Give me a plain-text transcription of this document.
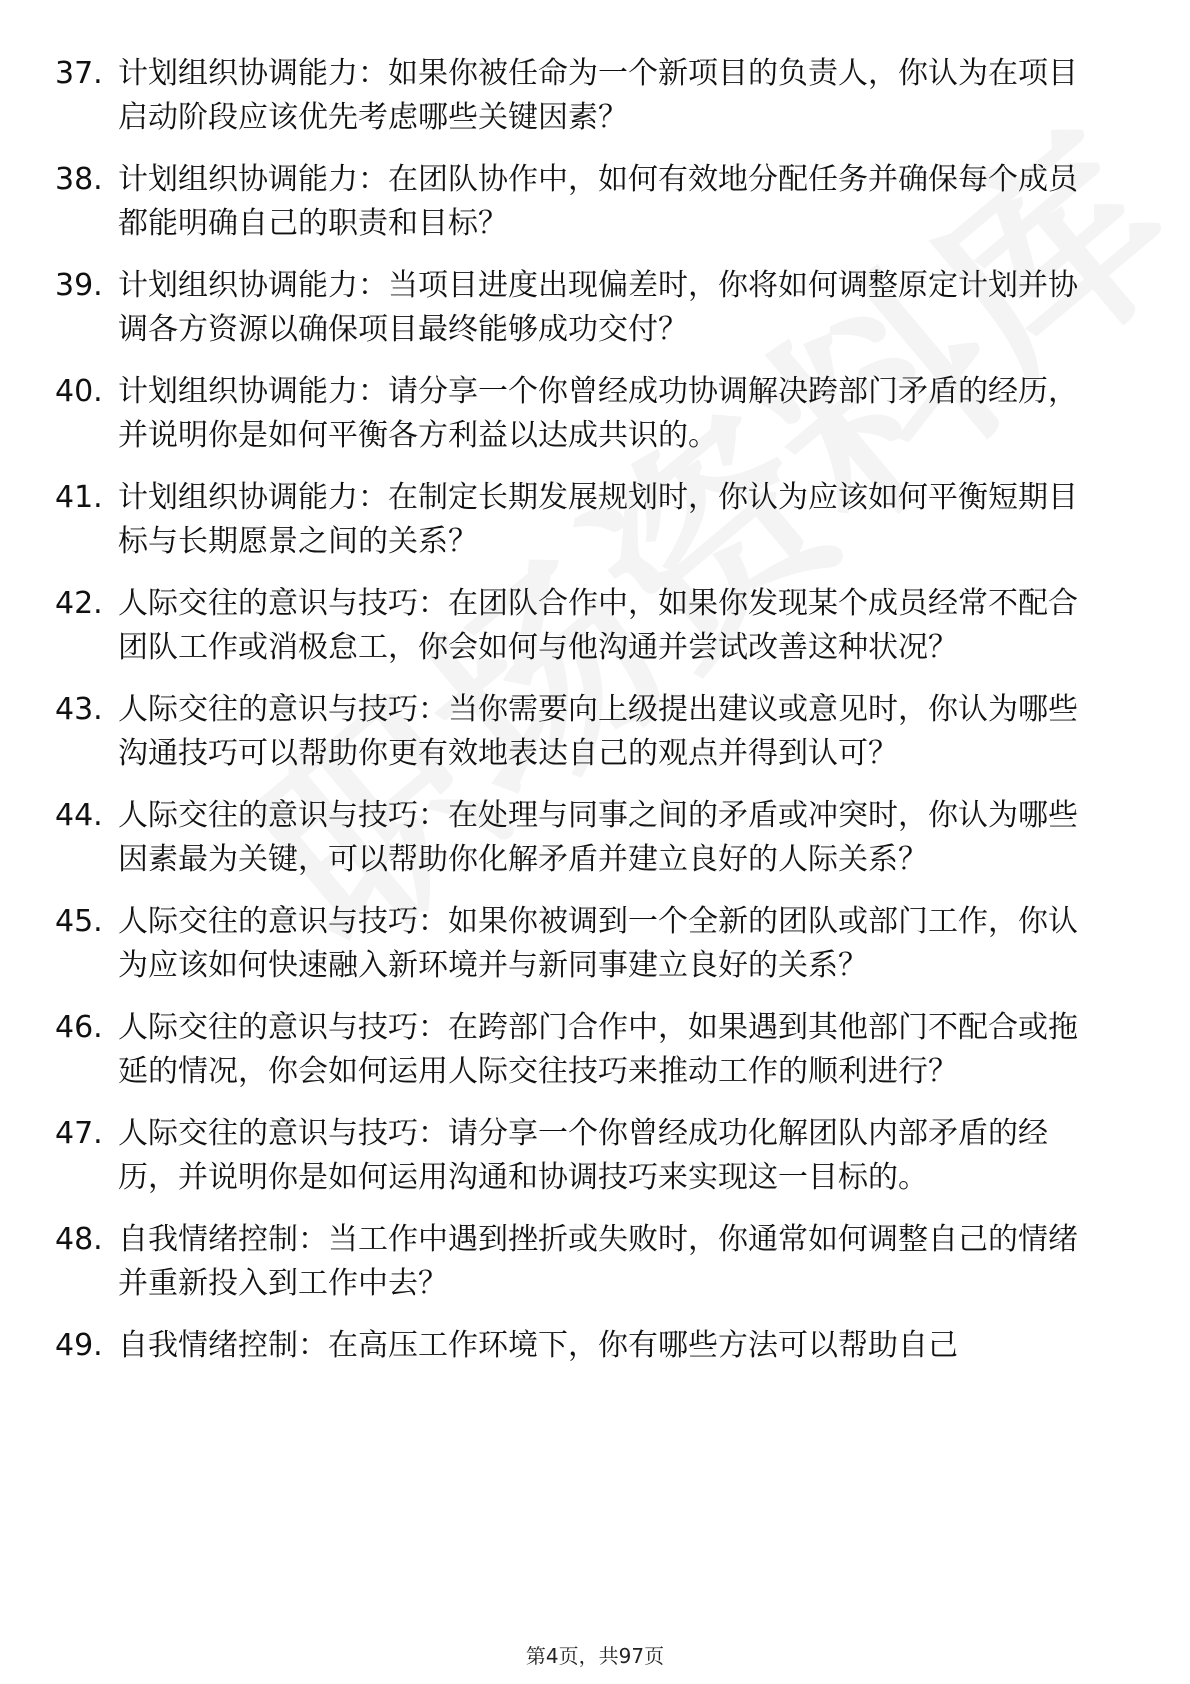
37. 计划组织协调能力：如果你被任命为一个新项目的负责人，你认为在项目启动阶段应该优先考虑哪些关键因素？
38. 计划组织协调能力：在团队协作中，如何有效地分配任务并确保每个成员都能明确自己的职责和目标？
39. 计划组织协调能力：当项目进度出现偏差时，你将如何调整原定计划并协调各方资源以确保项目最终能够成功交付？
40. 计划组织协调能力：请分享一个你曾经成功协调解决跨部门矛盾的经历，并说明你是如何平衡各方利益以达成共识的。
41. 计划组织协调能力：在制定长期发展规划时，你认为应该如何平衡短期目标与长期愿景之间的关系？
42. 人际交往的意识与技巧：在团队合作中，如果你发现某个成员经常不配合团队工作或消极怠工，你会如何与他沟通并尝试改善这种状况？
43. 人际交往的意识与技巧：当你需要向上级提出建议或意见时，你认为哪些沟通技巧可以帮助你更有效地表达自己的观点并得到认可？
44. 人际交往的意识与技巧：在处理与同事之间的矛盾或冲突时，你认为哪些因素最为关键，可以帮助你化解矛盾并建立良好的人际关系？
45. 人际交往的意识与技巧：如果你被调到一个全新的团队或部门工作，你认为应该如何快速融入新环境并与新同事建立良好的关系？
46. 人际交往的意识与技巧：在跨部门合作中，如果遇到其他部门不配合或拖延的情况，你会如何运用人际交往技巧来推动工作的顺利进行？
47. 人际交往的意识与技巧：请分享一个你曾经成功化解团队内部矛盾的经历，并说明你是如何运用沟通和协调技巧来实现这一目标的。
48. 自我情绪控制：当工作中遇到挫折或失败时，你通常如何调整自己的情绪并重新投入到工作中去？
49. 自我情绪控制：在高压工作环境下，你有哪些方法可以帮助自己
第4页，共97页
